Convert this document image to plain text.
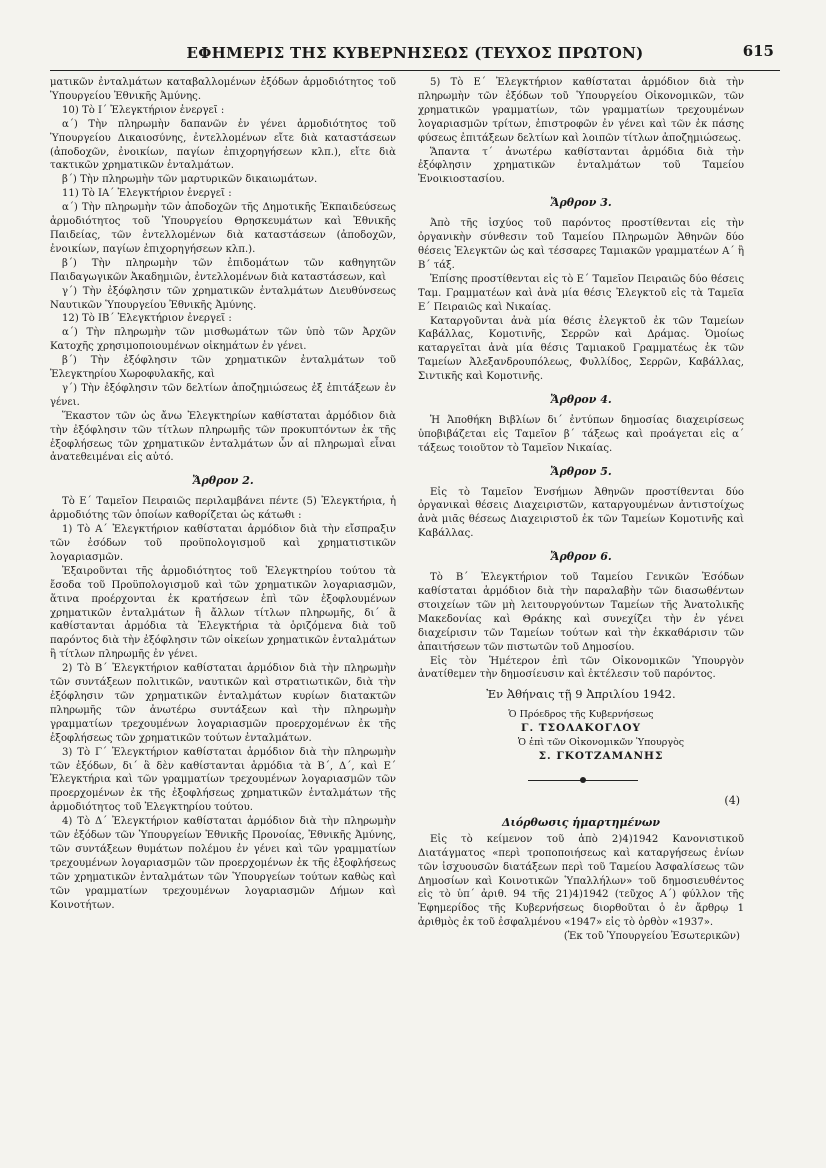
ΕΦΗΜΕΡΙΣ ΤΗΣ ΚΥΒΕΡΝΗΣΕΩΣ (ΤΕΥΧΟΣ ΠΡΩΤΟΝ)	615

ματικῶν ἐνταλμάτων καταβαλλομένων ἐξόδων ἁρμοδιότητος τοῦ Ὑπουργείου Ἐθνικῆς Ἀμύνης.

10) Τὸ Ι΄ Ἐλεγκτήριον ἐνεργεῖ :

α΄) Τὴν πληρωμὴν δαπανῶν ἐν γένει ἁρμοδιότητος τοῦ Ὑπουργείου Δικαιοσύνης, ἐντελλομένων εἴτε διὰ καταστάσεων (ἀποδοχῶν, ἐνοικίων, παγίων ἐπιχορηγήσεων κλπ.), εἴτε διὰ τακτικῶν χρηματικῶν ἐνταλμάτων.

β΄) Τὴν πληρωμὴν τῶν μαρτυρικῶν δικαιωμάτων.

11) Τὸ ΙΑ΄ Ἐλεγκτήριον ἐνεργεῖ :

α΄) Τὴν πληρωμὴν τῶν ἀποδοχῶν τῆς Δημοτικῆς Ἐκπαιδεύσεως ἁρμοδιότητος τοῦ Ὑπουργείου Θρησκευμάτων καὶ Ἐθνικῆς Παιδείας, τῶν ἐντελλομένων διὰ καταστάσεων (ἀποδοχῶν, ἐνοικίων, παγίων ἐπιχορηγήσεων κλπ.).

β΄) Τὴν πληρωμὴν τῶν ἐπιδομάτων τῶν καθηγητῶν Παιδαγωγικῶν Ἀκαδημιῶν, ἐντελλομένων διὰ καταστάσεων, καὶ

γ΄) Τὴν ἐξόφλησιν τῶν χρηματικῶν ἐνταλμάτων Διευθύνσεως Ναυτικῶν Ὑπουργείου Ἐθνικῆς Ἀμύνης.

12) Τὸ ΙΒ΄ Ἐλεγκτήριον ἐνεργεῖ :

α΄) Τὴν πληρωμὴν τῶν μισθωμάτων τῶν ὑπὸ τῶν Ἀρχῶν Κατοχῆς χρησιμοποιουμένων οἰκημάτων ἐν γένει.

β΄) Τὴν ἐξόφλησιν τῶν χρηματικῶν ἐνταλμάτων τοῦ Ἐλεγκτηρίου Χωροφυλακῆς, καὶ

γ΄) Τὴν ἐξόφλησιν τῶν δελτίων ἀποζημιώσεως ἐξ ἐπιτάξεων ἐν γένει.

Ἕκαστον τῶν ὡς ἄνω Ἐλεγκτηρίων καθίσταται ἁρμόδιον διὰ τὴν ἐξόφλησιν τῶν τίτλων πληρωμῆς τῶν προκυπτόντων ἐκ τῆς ἐξοφλήσεως τῶν χρηματικῶν ἐνταλμάτων ὧν αἱ πληρωμαὶ εἶναι ἀνατεθειμέναι εἰς αὐτό.

Ἄρθρον 2.

Τὸ Ε΄ Ταμεῖον Πειραιῶς περιλαμβάνει πέντε (5) Ἐλεγκτήρια, ἡ ἁρμοδιότης τῶν ὁποίων καθορίζεται ὡς κάτωθι :

1) Τὸ Α΄ Ἐλεγκτήριον καθίσταται ἁρμόδιον διὰ τὴν εἴσπραξιν τῶν ἐσόδων τοῦ προϋπολογισμοῦ καὶ χρηματιστικῶν λογαριασμῶν.

Ἐξαιροῦνται τῆς ἁρμοδιότητος τοῦ Ἐλεγκτηρίου τούτου τὰ ἔσοδα τοῦ Προϋπολογισμοῦ καὶ τῶν χρηματικῶν λογαριασμῶν, ἅτινα προέρχονται ἐκ κρατήσεων ἐπὶ τῶν ἐξοφλουμένων χρηματικῶν ἐνταλμάτων ἢ ἄλλων τίτλων πληρωμῆς, δι΄ ἃ καθίστανται ἁρμόδια τὰ Ἐλεγκτήρια τὰ ὁριζόμενα διὰ τοῦ παρόντος διὰ τὴν ἐξόφλησιν τῶν οἰκείων χρηματικῶν ἐνταλμάτων ἢ τίτλων πληρωμῆς ἐν γένει.

2) Τὸ Β΄ Ἐλεγκτήριον καθίσταται ἁρμόδιον διὰ τὴν πληρωμὴν τῶν συντάξεων πολιτικῶν, ναυτικῶν καὶ στρατιωτικῶν, διὰ τὴν ἐξόφλησιν τῶν χρηματικῶν ἐνταλμάτων κυρίων διατακτῶν πληρωμῆς τῶν ἀνωτέρω συντάξεων καὶ τὴν πληρωμὴν γραμματίων τρεχουμένων λογαριασμῶν προερχομένων ἐκ τῆς ἐξοφλήσεως τῶν χρηματικῶν τούτων ἐνταλμάτων.

3) Τὸ Γ΄ Ἐλεγκτήριον καθίσταται ἁρμόδιον διὰ τὴν πληρωμὴν τῶν ἐξόδων, δι΄ ἃ δὲν καθίστανται ἁρμόδια τὰ Β΄, Δ΄, καὶ Ε΄ Ἐλεγκτήρια καὶ τῶν γραμματίων τρεχουμένων λογαριασμῶν τῶν προερχομένων ἐκ τῆς ἐξοφλήσεως χρηματικῶν ἐνταλμάτων τῆς ἁρμοδιότητος τοῦ Ἐλεγκτηρίου τούτου.

4) Τὸ Δ΄ Ἐλεγκτήριον καθίσταται ἁρμόδιον διὰ τὴν πληρωμὴν τῶν ἐξόδων τῶν Ὑπουργείων Ἐθνικῆς Προνοίας, Ἐθνικῆς Ἀμύνης, τῶν συντάξεων θυμάτων πολέμου ἐν γένει καὶ τῶν γραμματίων τρεχουμένων λογαριασμῶν τῶν προερχομένων ἐκ τῆς ἐξοφλήσεως τῶν χρηματικῶν ἐνταλμάτων τῶν Ὑπουργείων τούτων καθὼς καὶ τῶν γραμματίων τρεχουμένων λογαριασμῶν Δήμων καὶ Κοινοτήτων.

5) Τὸ Ε΄ Ἐλεγκτήριον καθίσταται ἁρμόδιον διὰ τὴν πληρωμὴν τῶν ἐξόδων τοῦ Ὑπουργείου Οἰκονομικῶν, τῶν χρηματικῶν γραμματίων, τῶν γραμματίων τρεχουμένων λογαριασμῶν τρίτων, ἐπιστροφῶν ἐν γένει καὶ τῶν ἐκ πάσης φύσεως ἐπιτάξεων δελτίων καὶ λοιπῶν τίτλων ἀποζημιώσεως.

Ἅπαντα τ΄ ἀνωτέρω καθίστανται ἁρμόδια διὰ τὴν ἐξόφλησιν χρηματικῶν ἐνταλμάτων τοῦ Ταμείου Ἐνοικιοστασίου.

Ἄρθρον 3.

Ἀπὸ τῆς ἰσχύος τοῦ παρόντος προστίθενται εἰς τὴν ὀργανικὴν σύνθεσιν τοῦ Ταμείου Πληρωμῶν Ἀθηνῶν δύο θέσεις Ἐλεγκτῶν ὡς καὶ τέσσαρες Ταμιακῶν γραμματέων Α΄ ἢ Β΄ τάξ.

Ἐπίσης προστίθενται εἰς τὸ Ε΄ Ταμεῖον Πειραιῶς δύο θέσεις Ταμ. Γραμματέων καὶ ἀνὰ μία θέσις Ἐλεγκτοῦ εἰς τὰ Ταμεῖα Ε΄ Πειραιῶς καὶ Νικαίας.

Καταργοῦνται ἀνὰ μία θέσις ἐλεγκτοῦ ἐκ τῶν Ταμείων Καβάλλας, Κομοτινῆς, Σερρῶν καὶ Δράμας. Ὁμοίως καταργεῖται ἀνὰ μία θέσις Ταμιακοῦ Γραμματέως ἐκ τῶν Ταμείων Ἀλεξανδρουπόλεως, Φυλλίδος, Σερρῶν, Καβάλλας, Σιντικῆς καὶ Κομοτινῆς.

Ἄρθρον 4.

Ἡ Ἀποθήκη Βιβλίων δι΄ ἐντύπων δημοσίας διαχειρίσεως ὑποβιβάζεται εἰς Ταμεῖον β΄ τάξεως καὶ προάγεται εἰς α΄ τάξεως τοιοῦτον τὸ Ταμεῖον Νικαίας.

Ἄρθρον 5.

Εἰς τὸ Ταμεῖον Ἐνσήμων Ἀθηνῶν προστίθενται δύο ὀργανικαὶ θέσεις Διαχειριστῶν, καταργουμένων ἀντιστοίχως ἀνὰ μιᾶς θέσεως Διαχειριστοῦ ἐκ τῶν Ταμείων Κομοτινῆς καὶ Καβάλλας.

Ἄρθρον 6.

Τὸ Β΄ Ἐλεγκτήριον τοῦ Ταμείου Γενικῶν Ἐσόδων καθίσταται ἁρμόδιον διὰ τὴν παραλαβὴν τῶν διασωθέντων στοιχείων τῶν μὴ λειτουργούντων Ταμείων τῆς Ἀνατολικῆς Μακεδονίας καὶ Θράκης καὶ συνεχίζει τὴν ἐν γένει διαχείρισιν τῶν Ταμείων τούτων καὶ τὴν ἐκκαθάρισιν τῶν ἀπαιτήσεων τῶν πιστωτῶν τοῦ Δημοσίου.

Εἰς τὸν Ἡμέτερον ἐπὶ τῶν Οἰκονομικῶν Ὑπουργὸν ἀνατίθεμεν τὴν δημοσίευσιν καὶ ἐκτέλεσιν τοῦ παρόντος.

Ἐν Ἀθήναις τῇ 9 Ἀπριλίου 1942.
Ὁ Πρόεδρος τῆς Κυβερνήσεως
Γ. ΤΣΟΛΑΚΟΓΛΟΥ
Ὁ ἐπὶ τῶν Οἰκονομικῶν Ὑπουργὸς
Σ. ΓΚΟΤΖΑΜΑΝΗΣ
(4)
Διόρθωσις ἡμαρτημένων

Εἰς τὸ κείμενον τοῦ ἀπὸ 2)4)1942 Κανονιστικοῦ Διατάγματος «περὶ τροποποιήσεως καὶ καταργήσεως ἐνίων τῶν ἰσχυουσῶν διατάξεων περὶ τοῦ Ταμείου Ἀσφαλίσεως τῶν Δημοσίων καὶ Κοινοτικῶν Ὑπαλλήλων» τοῦ δημοσιευθέντος εἰς τὸ ὑπ΄ ἀριθ. 94 τῆς 21)4)1942 (τεῦχος Α΄) φύλλον τῆς Ἐφημερίδος τῆς Κυβερνήσεως διορθοῦται ὁ ἐν ἄρθρῳ 1 ἀριθμὸς ἐκ τοῦ ἐσφαλμένου «1947» εἰς τὸ ὀρθὸν «1937».

(Ἐκ τοῦ Ὑπουργείου Ἐσωτερικῶν)
